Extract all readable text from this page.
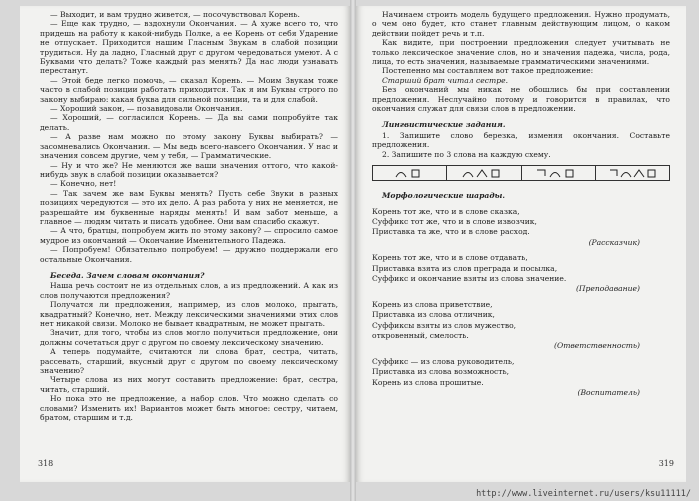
— Выходит, и вам трудно живется, — посочувствовал Корень.

— Еще как трудно, — вздохнули Окончания. — А хуже всего то, что придешь на работу к какой-нибудь Полке, а ее Корень от себя Ударение не отпускает. Приходится нашим Гласным Звукам в слабой позиции трудиться. Ну да ладно, Гласный друг с другом чередоваться умеют. А с Буквами что делать? Тоже каждый раз менять? Да нас люди узнавать перестанут.

— Этой беде легко помочь, — сказал Корень. — Моим Звукам тоже часто в слабой позиции работать приходится. Так я им Буквы строго по закону выбираю: какая буква для сильной позиции, та и для слабой.

— Хороший закон, — позавидовали Окончания.

— Хороший, — согласился Корень. — Да вы сами попробуйте так делать.

— А разве нам можно по этому закону Буквы выбирать? — засомневались Окончания. — Мы ведь всего-навсего Окончания. У нас и значения совсем другие, чем у тебя, — Грамматические.

— Ну и что же? Не меняются же ваши значения оттого, что какой-нибудь звук в слабой позиции оказывается?

— Конечно, нет!

— Так зачем же вам Буквы менять? Пусть себе Звуки в разных позициях чередуются — это их дело. А раз работа у них не меняется, не разрешайте им буквенные наряды менять! И вам забот меньше, а главное — людям читать и писать удобнее. Они вам спасибо скажут.

— А что, братцы, попробуем жить по этому закону? — спросило самое мудрое из окончаний — Окончание Именительного Падежа.

— Попробуем! Обязательно попробуем! — дружно поддержали его остальные Окончания.

Беседа. Зачем словам окончания?

Наша речь состоит не из отдельных слов, а из предложений. А как из слов получаются предложения?

Получатся ли предложения, например, из слов молоко, прыгать, квадратный? Конечно, нет. Между лексическими значениями этих слов нет никакой связи. Молоко не бывает квадратным, не может прыгать.

Значит, для того, чтобы из слов могло получиться предложение, они должны сочетаться друг с другом по своему лексическому значению.

А теперь подумайте, считаются ли слова брат, сестра, читать, рассевать, старший, вкусный друг с другом по своему лексическому значению?

Четыре слова из них могут составить предложение: брат, сестра, читать, старший.

Но пока это не предложение, а набор слов. Что можно сделать со словами? Изменить их! Вариантов может быть многое: сестру, читаем, братом, старшим и т.д.

318

Начинаем строить модель будущего предложения. Нужно продумать, о чем оно будет, кто станет главным действующим лицом, о каком действии пойдет речь и т.п.

Как видите, при построении предложения следует учитывать не только лексическое значение слов, но и значения падежа, числа, рода, лица, то есть значения, называемые грамматическими значениями.

Постепенно мы составляем вот такое предложение:

Старший брат читал сестре.

Без окончаний мы никак не обошлись бы при составлении предложения. Неслучайно потому и говорится в правилах, что окончания служат для связи слов в предложении.

Лингвистические задания.

1. Запишите слово березка, изменяя окончания. Составьте предложения.

2. Запишите по 3 слова на каждую схему.

Морфологические шарады.

Корень тот же, что и в слове сказка,

Суффикс тот же, что и в слове извозчик,

Приставка та же, что и в слове расход.

(Рассказчик)

Корень тот же, что и в слове отдавать,

Приставка взята из слов преграда и посылка,

Суффикс и окончание взяты из слова значение.

(Преподавание)

Корень из слова приветствие,

Приставка из слова отличник,

Суффиксы взяты из слов мужество,

откровенный, смелость.

(Ответственность)

Суффикс — из слова руководитель,

Приставка из слова возможность,

Корень из слова прошитые.

(Воспитатель)

319
http://www.liveinternet.ru/users/ksu11111/
